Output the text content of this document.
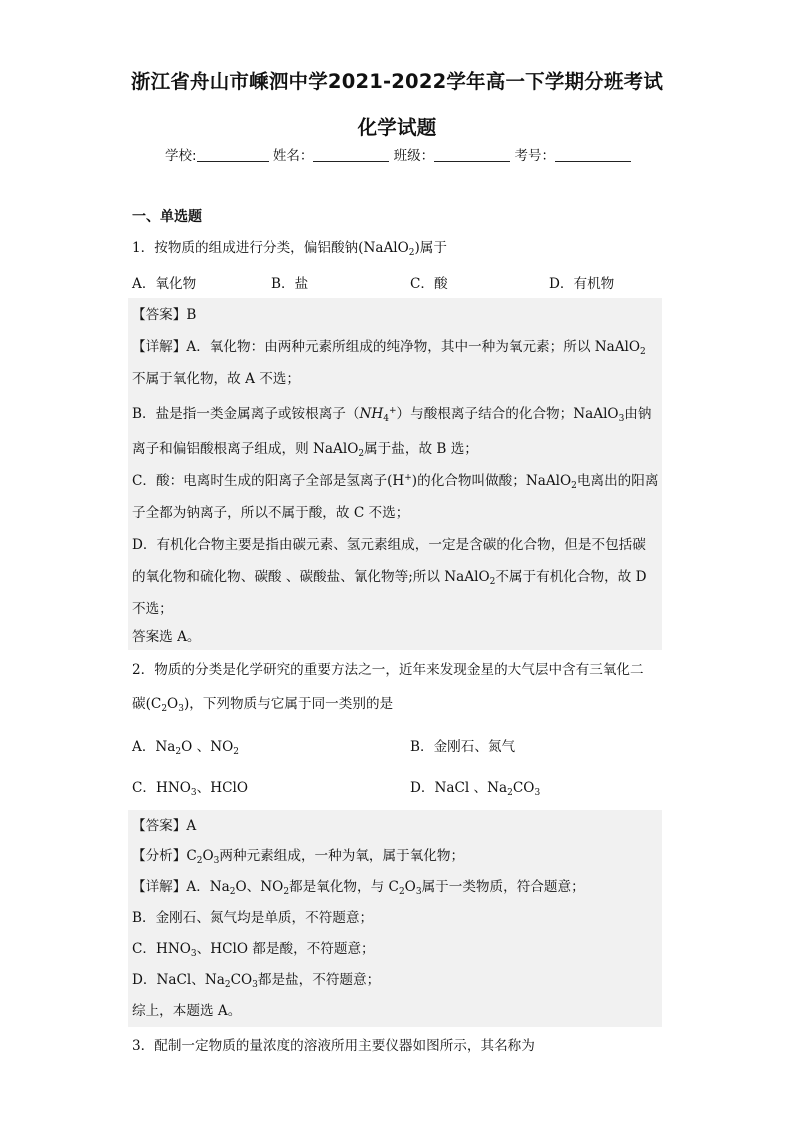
浙江省舟山市嵊泗中学2021-2022学年高一下学期分班考试
化学试题
学校:	姓名：	班级：	考号：
一、单选题
1．按物质的组成进行分类，偏铝酸钠(NaAlO$_2$)属于
A．氧化物	B．盐	C．酸	D．有机物
【答案】B
【详解】A．氧化物：由两种元素所组成的纯净物，其中一种为氧元素；所以 NaAlO$_2$
不属于氧化物，故 A 不选；
B．盐是指一类金属离子或铵根离子$(NH_4^+)$与酸根离子结合的化合物；NaAlO$_3$由钠
离子和偏铝酸根离子组成，则 NaAlO$_2$属于盐，故 B 选；
C．酸：电离时生成的阳离子全部是氢离子(H+)的化合物叫做酸；NaAlO$_2$电离出的阳离
子全都为钠离子，所以不属于酸，故 C 不选；
D．有机化合物主要是指由碳元素、氢元素组成，一定是含碳的化合物，但是不包括碳
的氧化物和硫化物、碳酸 、碳酸盐、氰化物等;所以 NaAlO$_2$不属于有机化合物，故 D
不选；
答案选 A。
2．物质的分类是化学研究的重要方法之一，近年来发现金星的大气层中含有三氧化二
碳$(C_2O_3)$，下列物质与它属于同一类别的是
A．$Na_2O$ 、$NO_2$	B．金刚石、氮气
C．$HNO_3$、HClO	D．NaCl 、$Na_2CO_3$
【答案】A
【分析】$C_2O_3$两种元素组成，一种为氧，属于氧化物；
【详解】A．$Na_2O$、$NO_2$都是氧化物，与 $C_2O_3$属于一类物质，符合题意；
B．金刚石、氮气均是单质，不符题意；
C．$HNO_3$、HClO 都是酸，不符题意；
D．NaCl、$Na_2CO_3$都是盐，不符题意；
综上，本题选 A。
3．配制一定物质的量浓度的溶液所用主要仪器如图所示，其名称为
